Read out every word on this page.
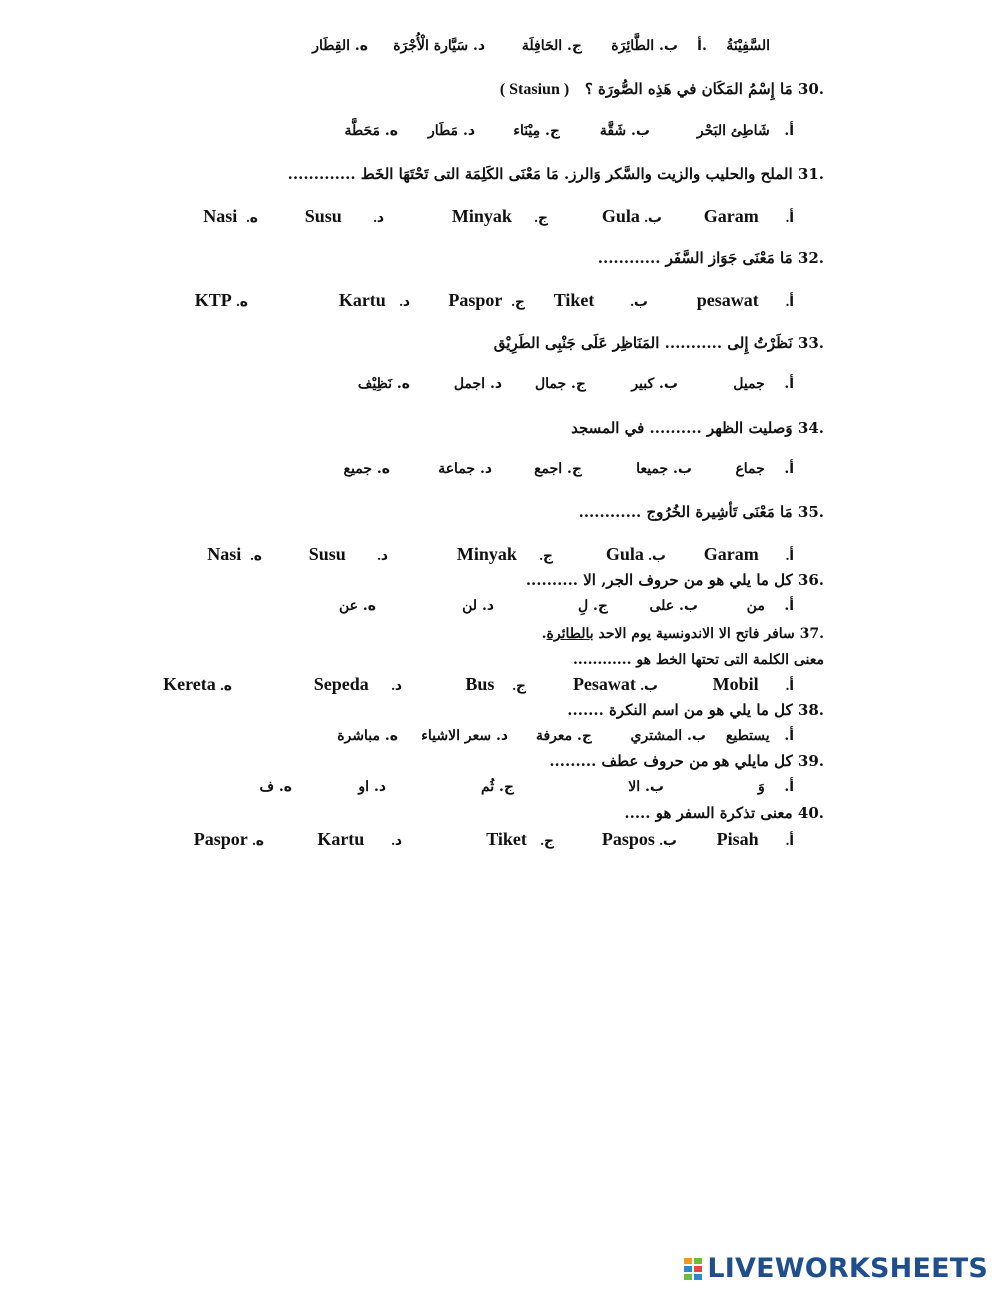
أ. السَّفِيْنَةُ
ب. الطَّائِرَة
ج. الحَافِلَة
د. سَيَّارة الْأُجْرَة
ه. القِطَار
30. مَا إِسْمُ المَكَان في هَذِه الصُّورَة ؟   ( Stasiun )
أ.   شَاطِئ البَحْر
ب. شَقَّة
ج. مِيْنَاء
د. مَطَار
ه. مَحَطَّة
31. الملح والحليب والزيت والسَّكر وَالرز. مَا مَعْنَى الكَلِمَة التى تَحْتَهَا الخَط .............
Garam .أ
Gula .ب
Minyak .ج
Susu .د
Nasi .ه
32. مَا مَعْنَى جَوَاز السَّفَر ............
pesawat .أ
Tiket	.ب
Paspor .ج
Kartu .د
KTP .ه
33. نَظَرْتُ إِلى ........... المَنَاظِر عَلَى جَنْبِى الطَرِيْق
أ.    جميل
ب. كبير
ج. جمال
د. اجمل
ه. نَظِيْف
34. وَصليت الظهر .......... في المسجد
أ.    جماع
ب. جميعا
ج. اجمع
د. جماعة
ه. جميع
35. مَا مَعْنَى تَأشِيرة الخُرُوج ............
Garam .أ
Gula .ب
Minyak .ج
Susu .د
Nasi .ه
36. كل ما يلي هو من حروف الجر, الا ..........
أ.    من
ب. على
ج. لِ
د. لن
ه. عن
37. سافر فاتح الا الاندونسية يوم الاحد بالطائرة. معنى الكلمة التى تحتها الخط هو ............
Mobil .أ
Pesawat .ب
Bus .ج
Sepeda .د
Kereta .ه
38. كل ما يلي هو من اسم النكرة .......
أ.   يستطيع
ب. المشتري
ج. معرفة
د. سعر الاشياء
ه. مباشرة
39. كل مايلي هو من حروف عطف .........
أ.    وَ
ب. الا
ج. ثُم
د. او
ه. ف
40. معنى تذكرة السفر هو .....
Pisah .أ
Paspos .ب
Tiket .ج
Kartu .د
Paspor .ه
LIVEWORKSHEETS
